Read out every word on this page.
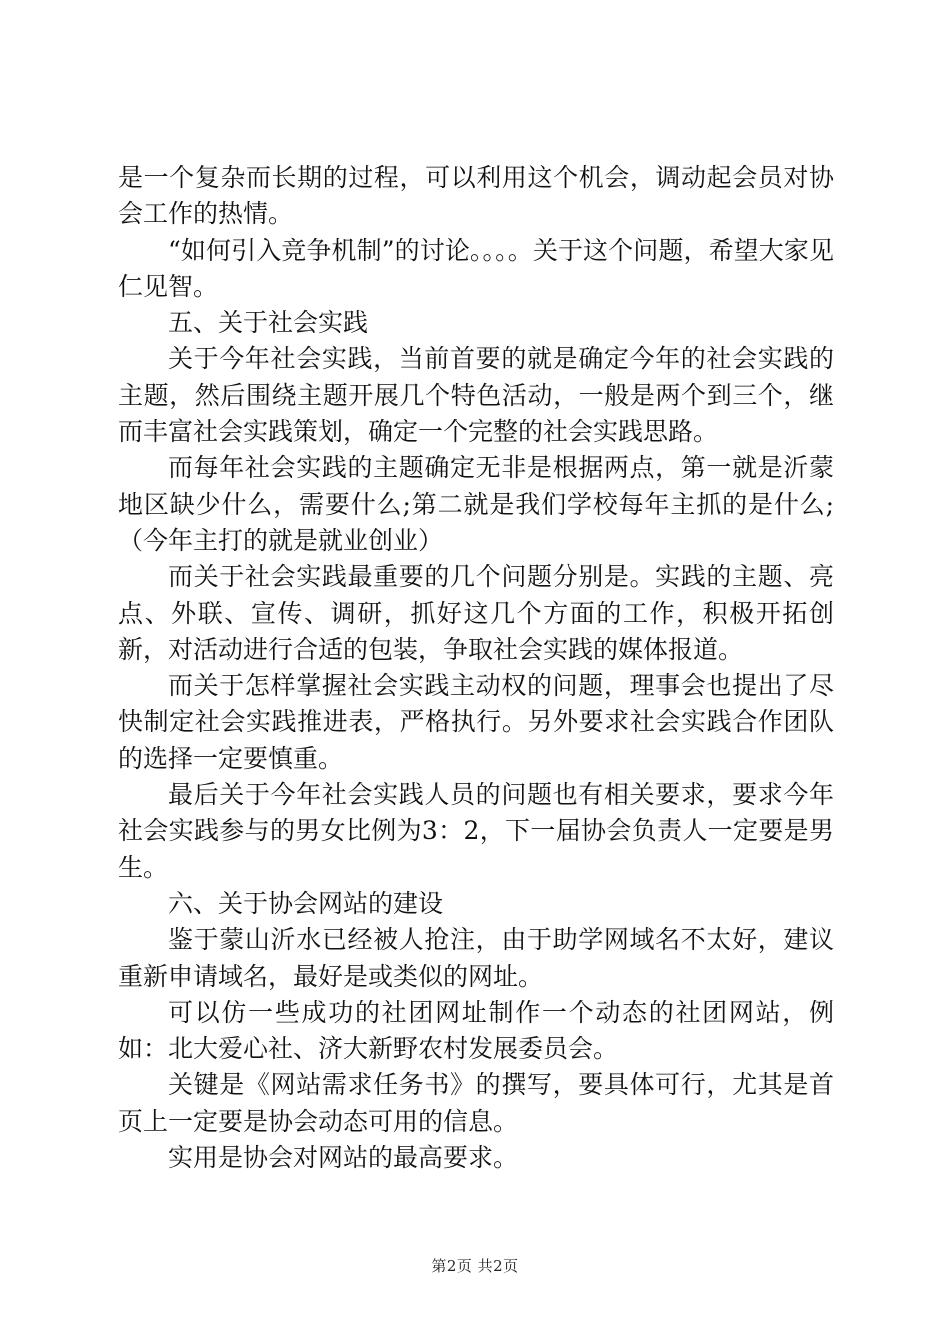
是一个复杂而长期的过程，可以利用这个机会，调动起会员对协会工作的热情。

“如何引入竞争机制”的讨论。。。。关于这个问题，希望大家见仁见智。

五、关于社会实践

关于今年社会实践，当前首要的就是确定今年的社会实践的主题，然后围绕主题开展几个特色活动，一般是两个到三个，继而丰富社会实践策划，确定一个完整的社会实践思路。

而每年社会实践的主题确定无非是根据两点，第一就是沂蒙地区缺少什么，需要什么;第二就是我们学校每年主抓的是什么;（今年主打的就是就业创业）

而关于社会实践最重要的几个问题分别是。实践的主题、亮点、外联、宣传、调研，抓好这几个方面的工作，积极开拓创新，对活动进行合适的包装，争取社会实践的媒体报道。

而关于怎样掌握社会实践主动权的问题，理事会也提出了尽快制定社会实践推进表，严格执行。另外要求社会实践合作团队的选择一定要慎重。

最后关于今年社会实践人员的问题也有相关要求，要求今年社会实践参与的男女比例为3：2，下一届协会负责人一定要是男生。

六、关于协会网站的建设

鉴于蒙山沂水已经被人抢注，由于助学网域名不太好，建议重新申请域名，最好是或类似的网址。

可以仿一些成功的社团网址制作一个动态的社团网站，例如：北大爱心社、济大新野农村发展委员会。

关键是《网站需求任务书》的撰写，要具体可行，尤其是首页上一定要是协会动态可用的信息。

实用是协会对网站的最高要求。

第2页 共2页
